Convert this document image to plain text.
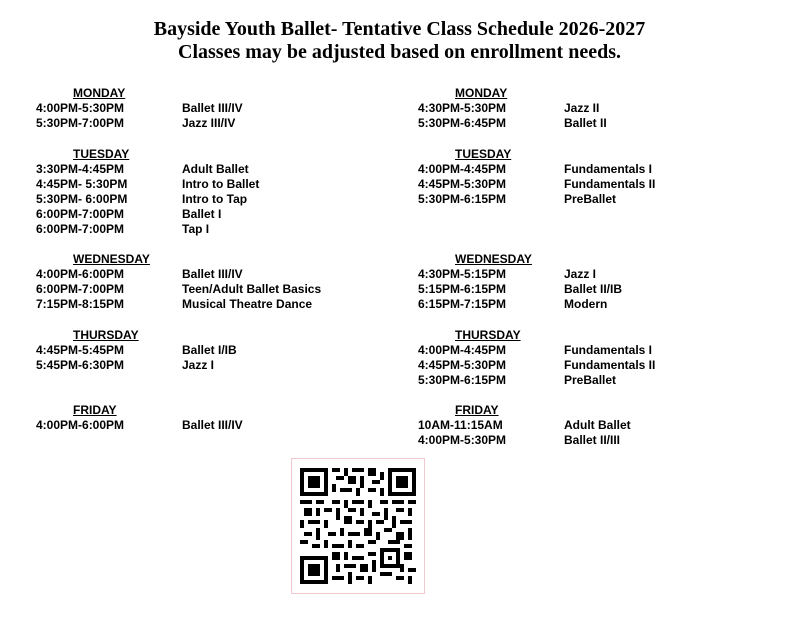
Bayside Youth Ballet- Tentative Class Schedule 2026-2027
Classes may be adjusted based on enrollment needs.
MONDAY
4:00PM-5:30PM	Ballet III/IV
5:30PM-7:00PM	Jazz III/IV
TUESDAY
3:30PM-4:45PM	Adult Ballet
4:45PM- 5:30PM	Intro to Ballet
5:30PM- 6:00PM	Intro to Tap
6:00PM-7:00PM	Ballet I
6:00PM-7:00PM	Tap I
WEDNESDAY
4:00PM-6:00PM	Ballet III/IV
6:00PM-7:00PM	Teen/Adult Ballet Basics
7:15PM-8:15PM	Musical Theatre Dance
THURSDAY
4:45PM-5:45PM	Ballet I/IB
5:45PM-6:30PM	Jazz I
FRIDAY
4:00PM-6:00PM	Ballet III/IV
MONDAY
4:30PM-5:30PM	Jazz II
5:30PM-6:45PM	Ballet II
TUESDAY
4:00PM-4:45PM	Fundamentals I
4:45PM-5:30PM	Fundamentals II
5:30PM-6:15PM	PreBallet
WEDNESDAY
4:30PM-5:15PM	Jazz I
5:15PM-6:15PM	Ballet II/IB
6:15PM-7:15PM	Modern
THURSDAY
4:00PM-4:45PM	Fundamentals I
4:45PM-5:30PM	Fundamentals II
5:30PM-6:15PM	PreBallet
FRIDAY
10AM-11:15AM	Adult Ballet
4:00PM-5:30PM	Ballet II/III
